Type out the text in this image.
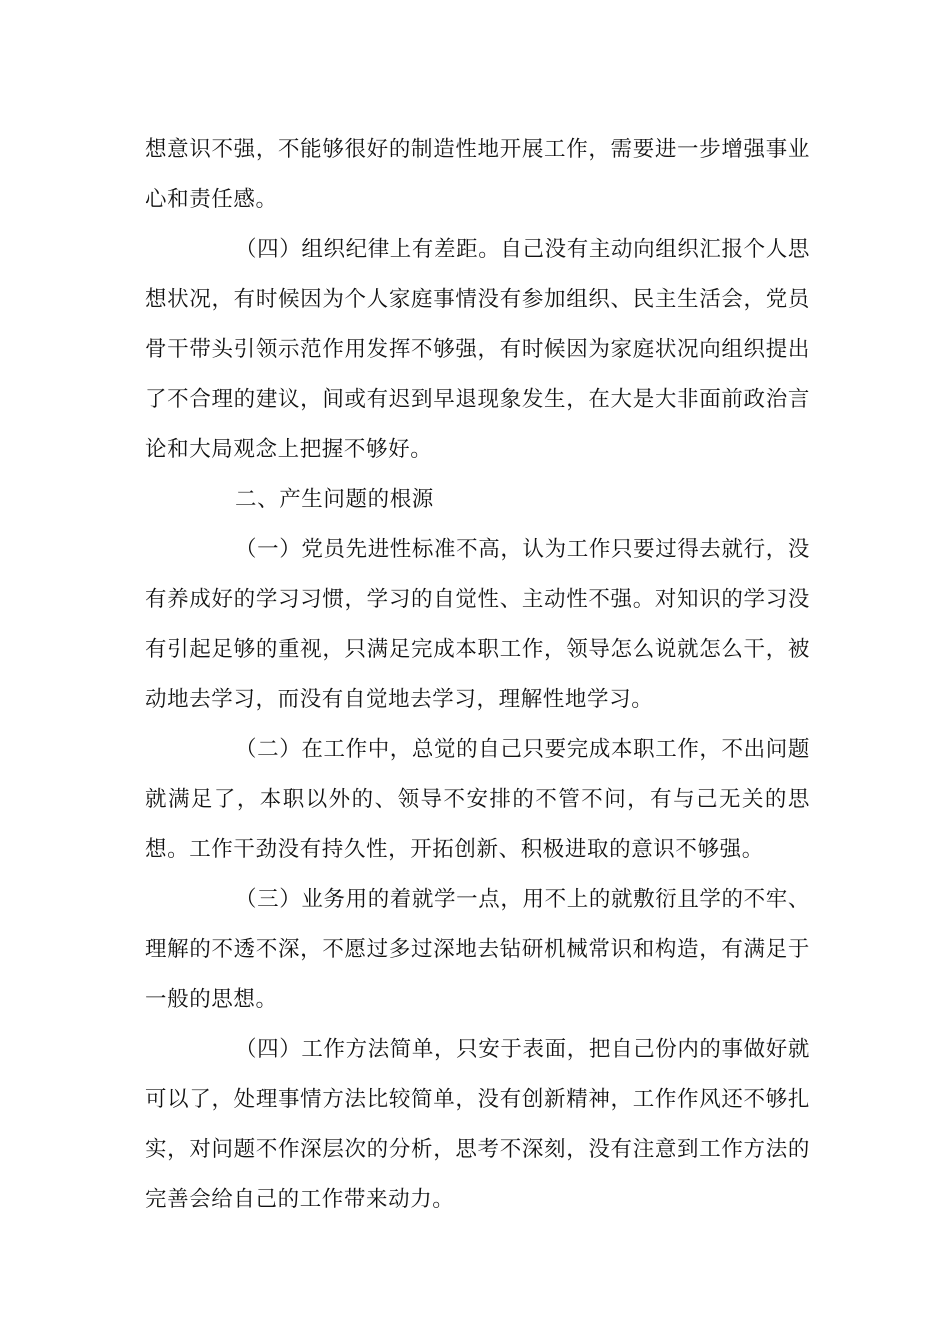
想意识不强，不能够很好的制造性地开展工作，需要进一步增强事业心和责任感。

（四）组织纪律上有差距。自己没有主动向组织汇报个人思想状况，有时候因为个人家庭事情没有参加组织、民主生活会，党员骨干带头引领示范作用发挥不够强，有时候因为家庭状况向组织提出了不合理的建议，间或有迟到早退现象发生，在大是大非面前政治言论和大局观念上把握不够好。

二、产生问题的根源

（一）党员先进性标准不高，认为工作只要过得去就行，没有养成好的学习习惯，学习的自觉性、主动性不强。对知识的学习没有引起足够的重视，只满足完成本职工作，领导怎么说就怎么干，被动地去学习，而没有自觉地去学习，理解性地学习。

（二）在工作中，总觉的自己只要完成本职工作，不出问题就满足了，本职以外的、领导不安排的不管不问，有与己无关的思想。工作干劲没有持久性，开拓创新、积极进取的意识不够强。

（三）业务用的着就学一点，用不上的就敷衍且学的不牢、理解的不透不深，不愿过多过深地去钻研机械常识和构造，有满足于一般的思想。

（四）工作方法简单，只安于表面，把自己份内的事做好就可以了，处理事情方法比较简单，没有创新精神，工作作风还不够扎实，对问题不作深层次的分析，思考不深刻，没有注意到工作方法的完善会给自己的工作带来动力。
